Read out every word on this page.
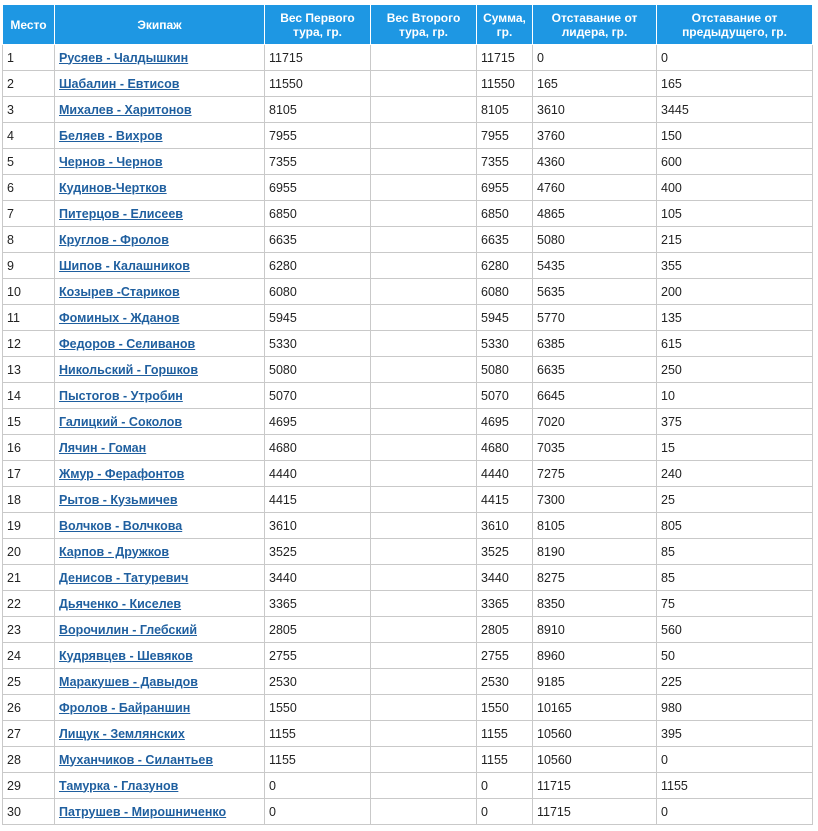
Место	Экипаж	Вес Первого тура, гр.	Вес Второго тура, гр.	Сумма, гр.	Отставание от лидера, гр.	Отставание от предыдущего, гр.
1	Русяев - Чалдышкин	11715		11715	0	0
2	Шабалин - Евтисов	11550		11550	165	165
3	Михалев - Харитонов	8105		8105	3610	3445
4	Беляев - Вихров	7955		7955	3760	150
5	Чернов - Чернов	7355		7355	4360	600
6	Кудинов-Чертков	6955		6955	4760	400
7	Питерцов - Елисеев	6850		6850	4865	105
8	Круглов - Фролов	6635		6635	5080	215
9	Шипов - Калашников	6280		6280	5435	355
10	Козырев -Стариков	6080		6080	5635	200
11	Фоминых - Жданов	5945		5945	5770	135
12	Федоров - Селиванов	5330		5330	6385	615
13	Никольский - Горшков	5080		5080	6635	250
14	Пыстогов - Утробин	5070		5070	6645	10
15	Галицкий - Соколов	4695		4695	7020	375
16	Лячин - Гоман	4680		4680	7035	15
17	Жмур - Ферафонтов	4440		4440	7275	240
18	Рытов - Кузьмичев	4415		4415	7300	25
19	Волчков - Волчкова	3610		3610	8105	805
20	Карпов - Дружков	3525		3525	8190	85
21	Денисов - Татуревич	3440		3440	8275	85
22	Дьяченко - Киселев	3365		3365	8350	75
23	Ворочилин - Глебский	2805		2805	8910	560
24	Кудрявцев - Шевяков	2755		2755	8960	50
25	Маракушев - Давыдов	2530		2530	9185	225
26	Фролов - Байраншин	1550		1550	10165	980
27	Лищук - Землянских	1155		1155	10560	395
28	Муханчиков - Силантьев	1155		1155	10560	0
29	Тамурка - Глазунов	0		0	11715	1155
30	Патрушев - Мирошниченко	0		0	11715	0
